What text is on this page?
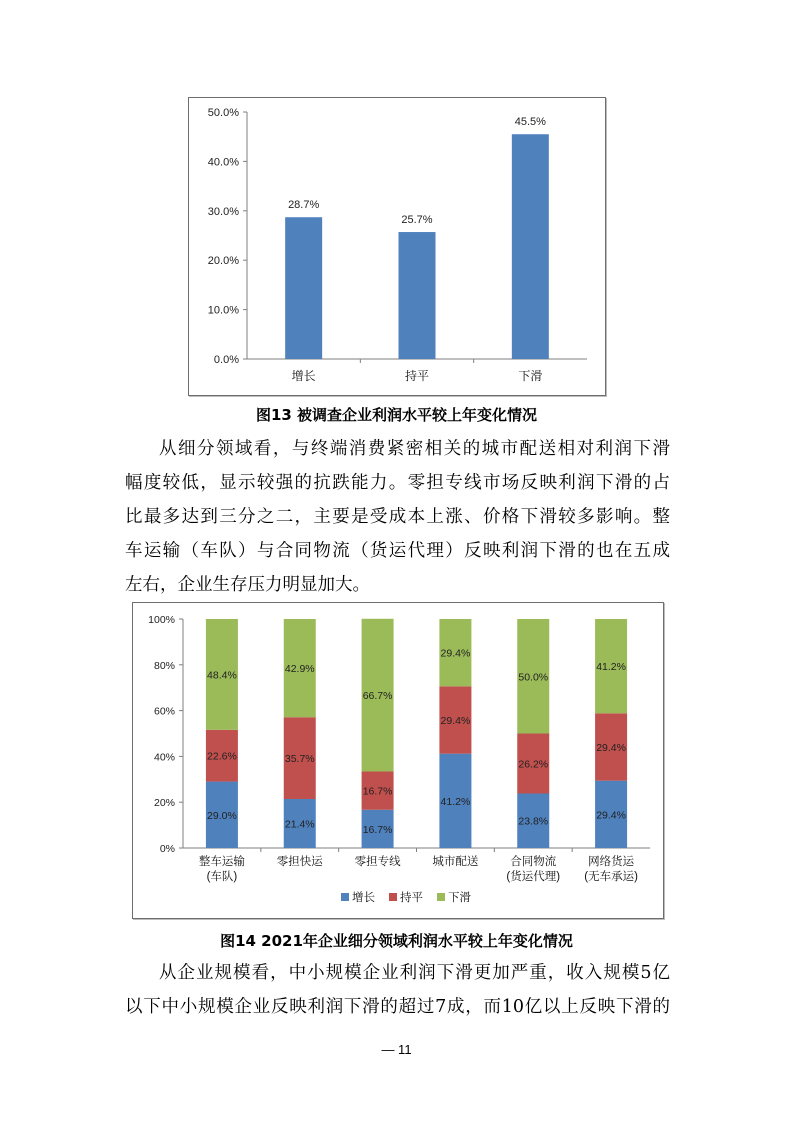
0.0%
10.0%
20.0%
30.0%
40.0%
50.0%
28.7%
增长
25.7%
持平
45.5%
下滑
图13 被调查企业利润水平较上年变化情况
从细分领域看，与终端消费紧密相关的城市配送相对利润下滑
幅度较低，显示较强的抗跌能力。零担专线市场反映利润下滑的占
比最多达到三分之二，主要是受成本上涨、价格下滑较多影响。整
车运输（车队）与合同物流（货运代理）反映利润下滑的也在五成
左右，企业生存压力明显加大。
0%
20%
40%
60%
80%
100%
29.0%
22.6%
48.4%
整车运输
(车队)
21.4%
35.7%
42.9%
零担快运
16.7%
16.7%
66.7%
零担专线
41.2%
29.4%
29.4%
城市配送
23.8%
26.2%
50.0%
合同物流
(货运代理)
29.4%
29.4%
41.2%
网络货运
(无车承运)
增长 持平 下滑
图14 2021年企业细分领域利润水平较上年变化情况
从企业规模看，中小规模企业利润下滑更加严重，收入规模5亿
以下中小规模企业反映利润下滑的超过7成，而10亿以上反映下滑的
— 11
